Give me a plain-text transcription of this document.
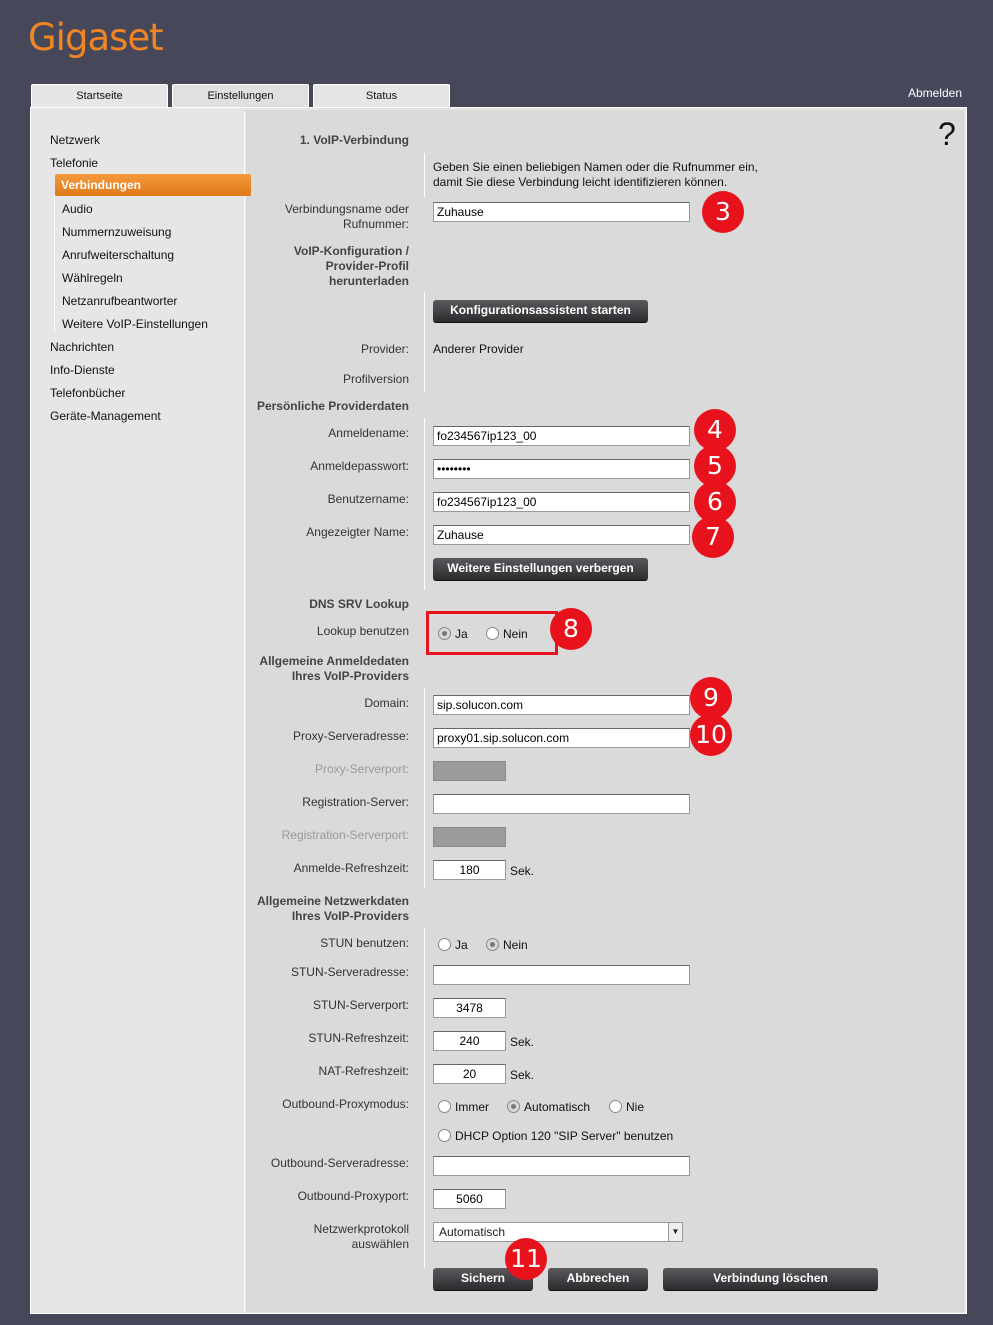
Gigaset
Startseite	Einstellungen	Status	Abmelden
?
Netzwerk
Telefonie
Verbindungen
Audio
Nummernzuweisung
Anrufweiterschaltung
Wählregeln
Netzanrufbeantworter
Weitere VoIP-Einstellungen
Nachrichten
Info-Dienste
Telefonbücher
Geräte-Management
1. VoIP-Verbindung
Geben Sie einen beliebigen Namen oder die Rufnummer ein,
damit Sie diese Verbindung leicht identifizieren können.
Verbindungsname oder
Rufnummer:
Zuhause
VoIP-Konfiguration /
Provider-Profil
herunterladen
Konfigurationsassistent starten
Provider: Anderer Provider
Profilversion
Persönliche Providerdaten
Anmeldename:	fo234567ip123_00
Anmeldepasswort:	••••••••
Benutzername:	fo234567ip123_00
Angezeigter Name:	Zuhause
Weitere Einstellungen verbergen
DNS SRV Lookup
Lookup benutzen	Ja	Nein
Allgemeine Anmeldedaten
Ihres VoIP-Providers
Domain:	sip.solucon.com
Proxy-Serveradresse:	proxy01.sip.solucon.com
Proxy-Serverport:
Registration-Server:
Registration-Serverport:
Anmelde-Refreshzeit:	180	Sek.
Allgemeine Netzwerkdaten
Ihres VoIP-Providers
STUN benutzen:	Ja	Nein
STUN-Serveradresse:
STUN-Serverport:	3478
STUN-Refreshzeit:	240	Sek.
NAT-Refreshzeit:	20	Sek.
Outbound-Proxymodus:	Immer	Automatisch	Nie
DHCP Option 120 "SIP Server" benutzen
Outbound-Serveradresse:
Outbound-Proxyport:	5060
Netzwerkprotokoll
auswählen
Automatisch	▼
Sichern	Abbrechen	Verbindung löschen
3
4
5
6
7
8
9
10
11
